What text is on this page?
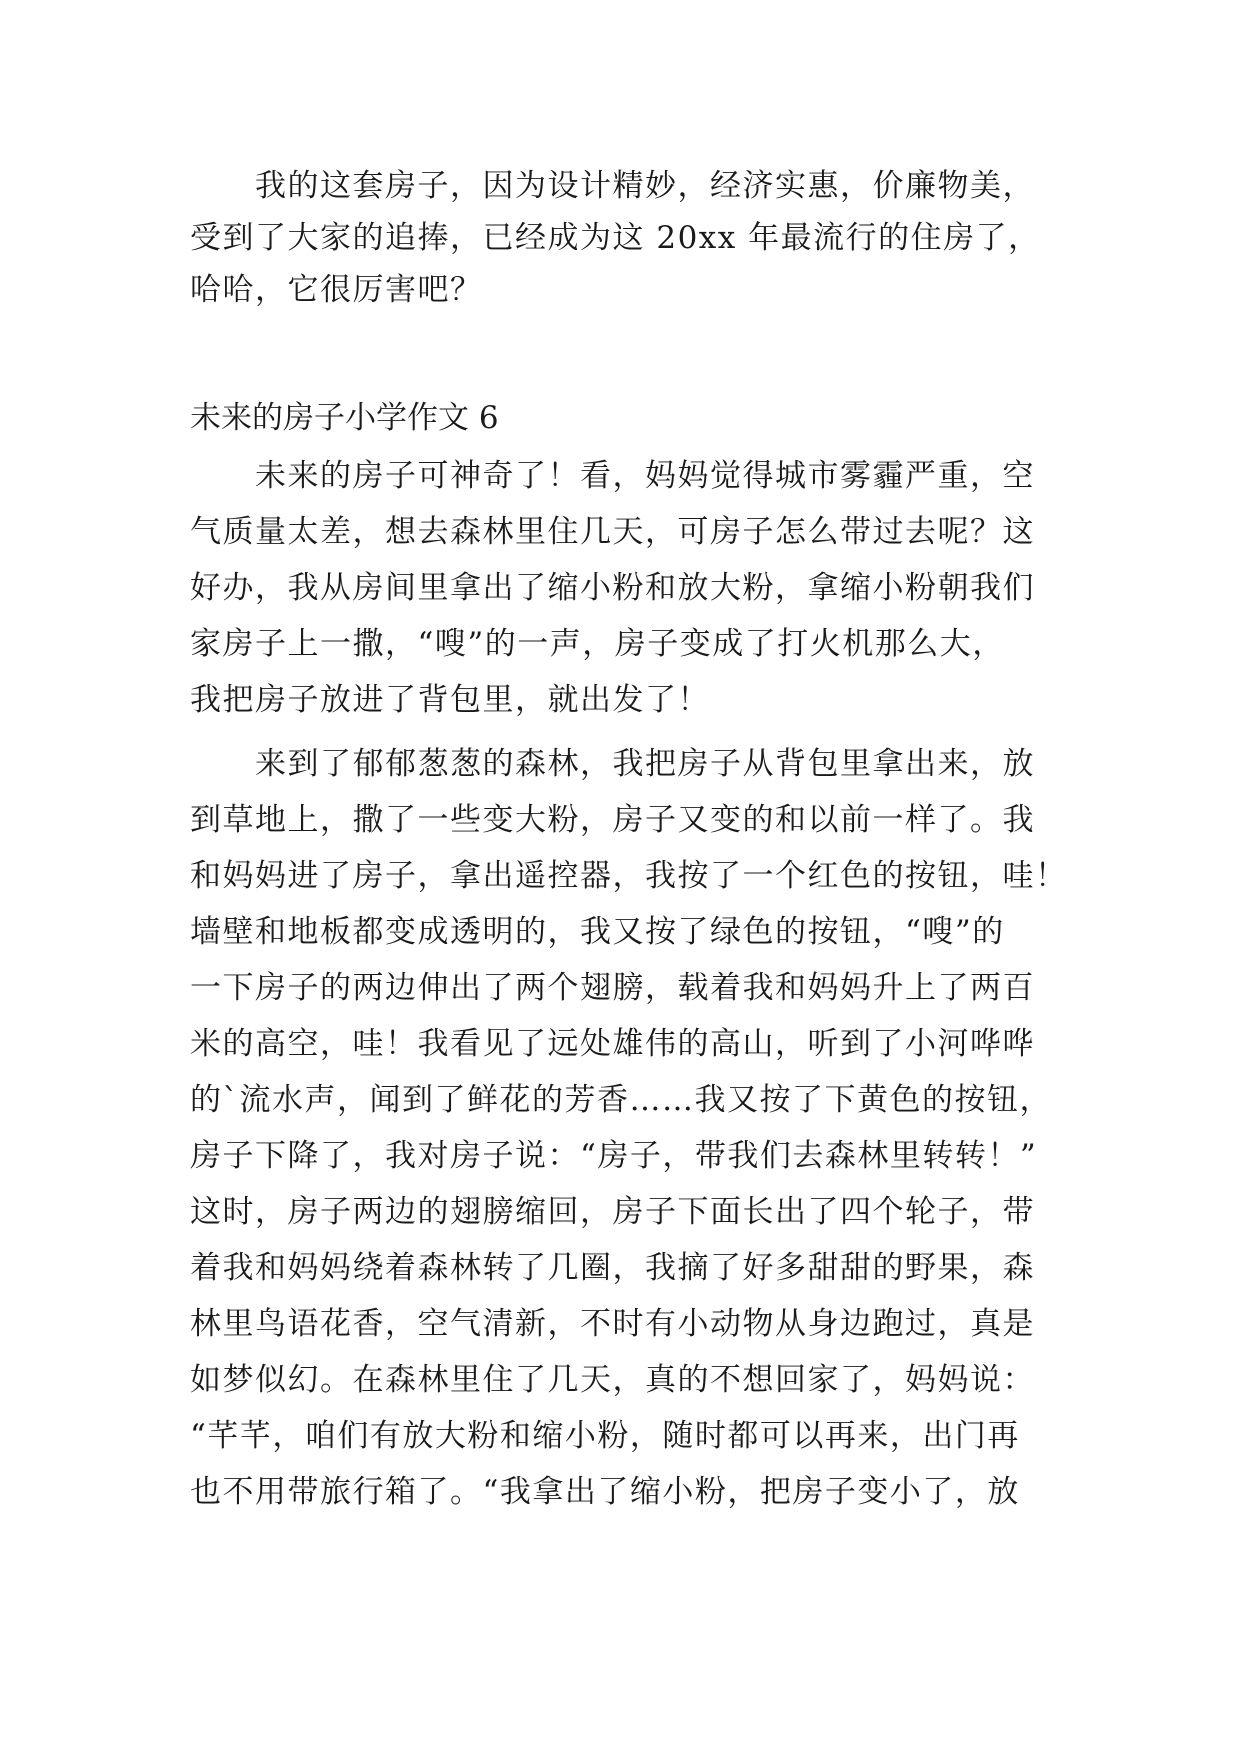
我的这套房子，因为设计精妙，经济实惠，价廉物美，
受到了大家的追捧，已经成为这 20xx 年最流行的住房了，
哈哈，它很厉害吧？
未来的房子小学作文 6
未来的房子可神奇了！看，妈妈觉得城市雾霾严重，空
气质量太差，想去森林里住几天，可房子怎么带过去呢？这
好办，我从房间里拿出了缩小粉和放大粉，拿缩小粉朝我们
家房子上一撒，“嗖”的一声，房子变成了打火机那么大，
我把房子放进了背包里，就出发了！
来到了郁郁葱葱的森林，我把房子从背包里拿出来，放
到草地上，撒了一些变大粉，房子又变的和以前一样了。我
和妈妈进了房子，拿出遥控器，我按了一个红色的按钮，哇！
墙壁和地板都变成透明的，我又按了绿色的按钮，“嗖”的
一下房子的两边伸出了两个翅膀，载着我和妈妈升上了两百
米的高空，哇！我看见了远处雄伟的高山，听到了小河哗哗
的`流水声，闻到了鲜花的芳香……我又按了下黄色的按钮，
房子下降了，我对房子说：“房子，带我们去森林里转转！”
这时，房子两边的翅膀缩回，房子下面长出了四个轮子，带
着我和妈妈绕着森林转了几圈，我摘了好多甜甜的野果，森
林里鸟语花香，空气清新，不时有小动物从身边跑过，真是
如梦似幻。在森林里住了几天，真的不想回家了，妈妈说：
“芊芊，咱们有放大粉和缩小粉，随时都可以再来，出门再
也不用带旅行箱了。“我拿出了缩小粉，把房子变小了，放
